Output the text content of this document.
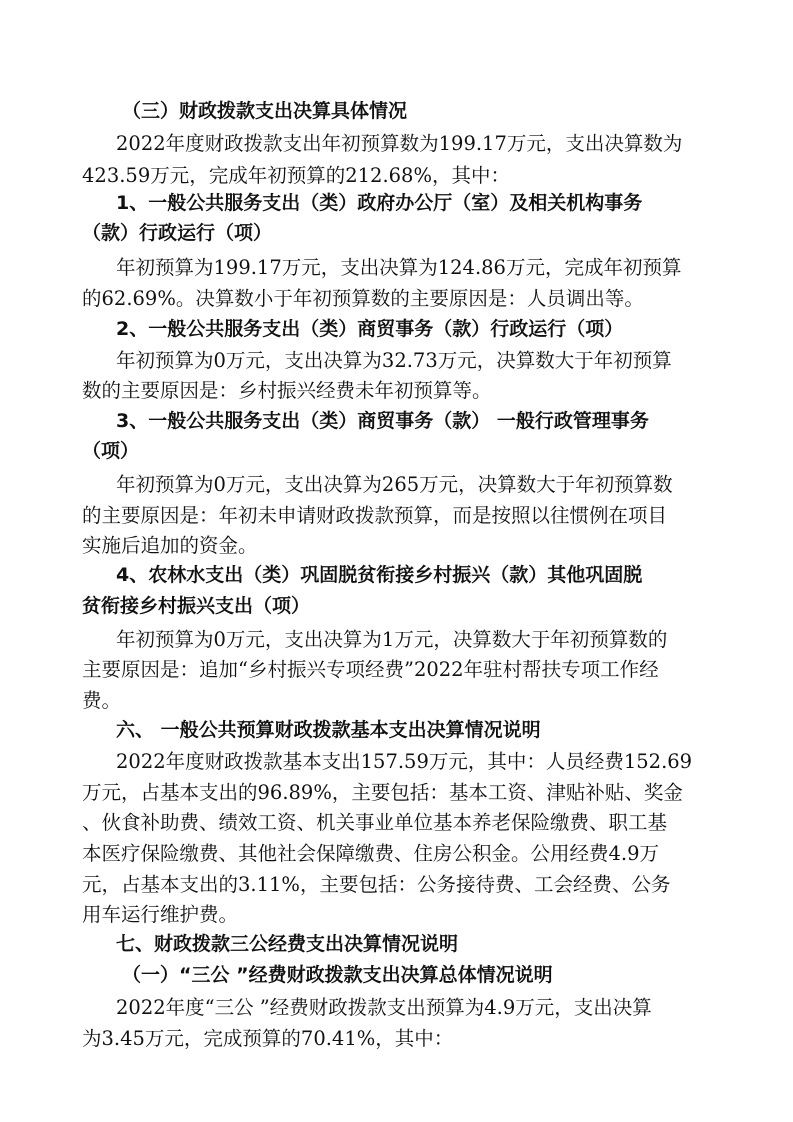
（三）财政拨款支出决算具体情况
2022年度财政拨款支出年初预算数为199.17万元，支出决算数为
423.59万元，完成年初预算的212.68%，其中：
1、一般公共服务支出（类）政府办公厅（室）及相关机构事务
（款）行政运行（项）
年初预算为199.17万元，支出决算为124.86万元，完成年初预算
的62.69%。决算数小于年初预算数的主要原因是：人员调出等。
2、一般公共服务支出（类）商贸事务（款）行政运行（项）
年初预算为0万元，支出决算为32.73万元，决算数大于年初预算
数的主要原因是：乡村振兴经费未年初预算等。
3、一般公共服务支出（类）商贸事务（款） 一般行政管理事务
（项）
年初预算为0万元，支出决算为265万元，决算数大于年初预算数
的主要原因是：年初未申请财政拨款预算，而是按照以往惯例在项目
实施后追加的资金。
4、农林水支出（类）巩固脱贫衔接乡村振兴（款）其他巩固脱
贫衔接乡村振兴支出（项）
年初预算为0万元，支出决算为1万元，决算数大于年初预算数的
主要原因是：追加“乡村振兴专项经费”2022年驻村帮扶专项工作经
费。
六、 一般公共预算财政拨款基本支出决算情况说明
2022年度财政拨款基本支出157.59万元，其中：人员经费152.69
万元，占基本支出的96.89%，主要包括：基本工资、津贴补贴、奖金
、伙食补助费、绩效工资、机关事业单位基本养老保险缴费、职工基
本医疗保险缴费、其他社会保障缴费、住房公积金。公用经费4.9万
元，占基本支出的3.11%，主要包括：公务接待费、工会经费、公务
用车运行维护费。
七、财政拨款三公经费支出决算情况说明
（一）“三公 ”经费财政拨款支出决算总体情况说明
2022年度“三公 ”经费财政拨款支出预算为4.9万元，支出决算
为3.45万元，完成预算的70.41%，其中：
